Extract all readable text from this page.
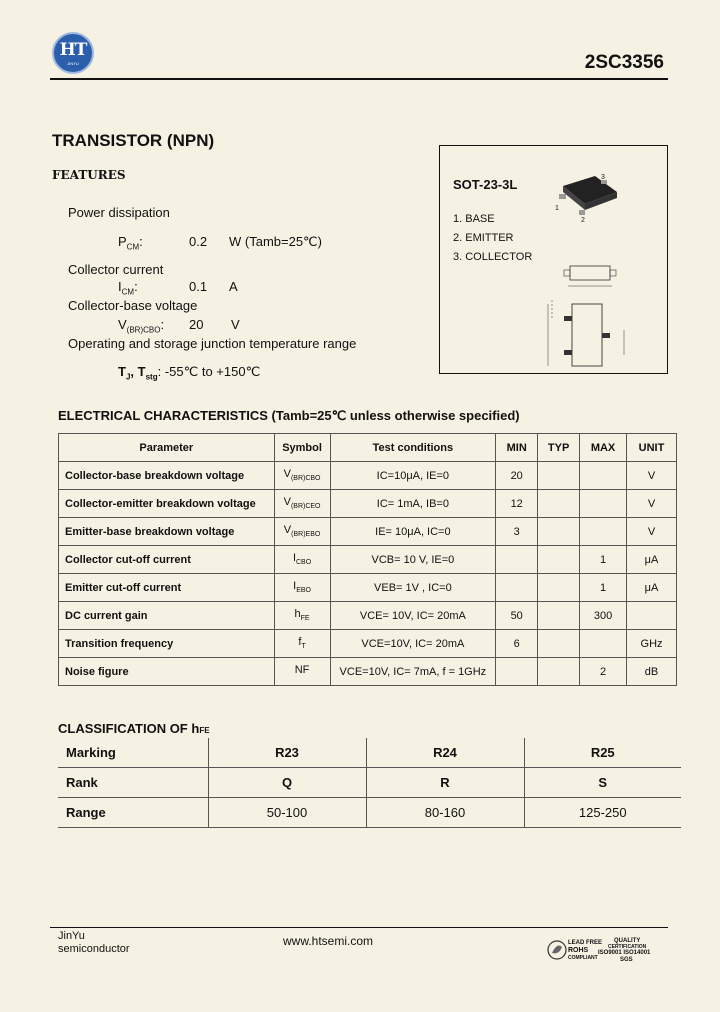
HT
JINYU	2SC3356
TRANSISTOR (NPN)
FEATURES
Power dissipation
$P_{CM}$:	0.2 W (Tamb=25℃)
Collector current
$I_{CM}$:	0.1 A
Collector-base voltage
$V_{(BR)CBO}$: 20 V
Operating and storage junction temperature range
$T_J$, $T_{stg}$: -55℃ to +150℃
SOT-23-3L
1
2
3
1. BASE
2. EMITTER
3. COLLECTOR
ELECTRICAL CHARACTERISTICS (Tamb=25℃ unless otherwise specified)
Parameter	Symbol	Test conditions	MIN	TYP	MAX	UNIT
Collector-base breakdown voltage	$V_{(BR)CBO}$	IC=10μA, IE=0	20			V
Collector-emitter breakdown voltage	$V_{(BR)CEO}$	IC= 1mA, IB=0	12			V
Emitter-base breakdown voltage	$V_{(BR)EBO}$	IE= 10μA, IC=0	3			V
Collector cut-off current	$I_{CBO}$	VCB= 10 V, IE=0			1	μA
Emitter cut-off current	$I_{EBO}$	VEB= 1V , IC=0			1	μA
DC current gain	$h_{FE}$	VCE= 10V, IC= 20mA	50		300	
Transition frequency	$f_T$	VCE=10V, IC= 20mA	6			GHz
Noise figure	NF	VCE=10V, IC= 7mA, f = 1GHz			2	dB
CLASSIFICATION OF hFE
Marking	R23	R24	R25
Rank	Q	R	S
Range	50-100	80-160	125-250
JinYu
semiconductor
www.htsemi.com	LEAD FREE
ROHS
COMPLIANT
QUALITY
CERTIFICATION
ISO9001 ISO14001
SGS
